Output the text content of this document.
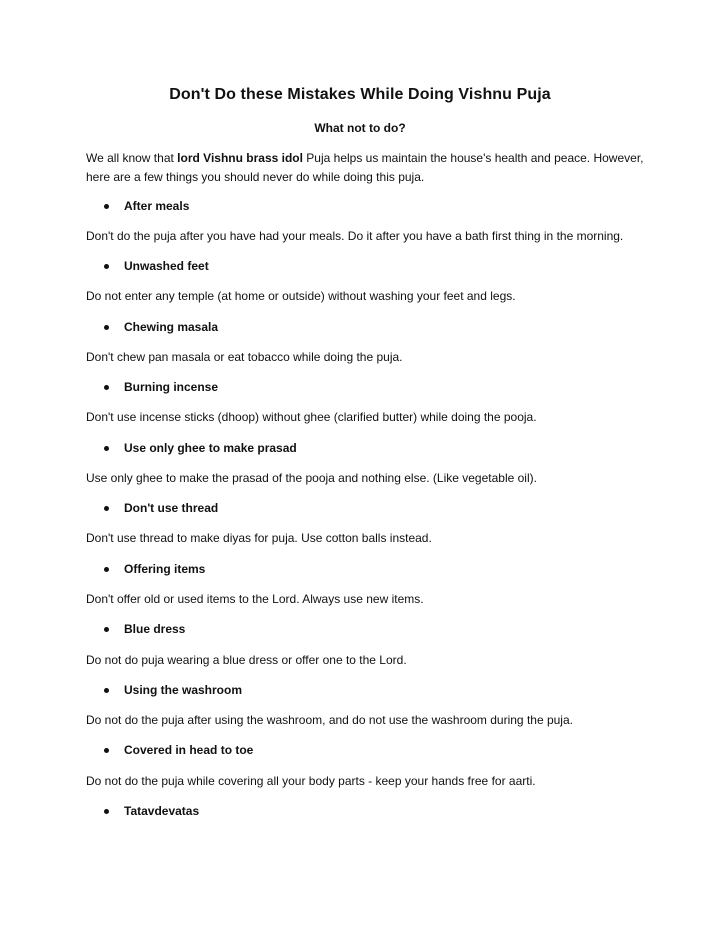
Don't Do these Mistakes While Doing Vishnu Puja
What not to do?
We all know that lord Vishnu brass idol Puja helps us maintain the house's health and peace. However, here are a few things you should never do while doing this puja.
After meals
Don't do the puja after you have had your meals. Do it after you have a bath first thing in the morning.
Unwashed feet
Do not enter any temple (at home or outside) without washing your feet and legs.
Chewing masala
Don't chew pan masala or eat tobacco while doing the puja.
Burning incense
Don't use incense sticks (dhoop) without ghee (clarified butter) while doing the pooja.
Use only ghee to make prasad
Use only ghee to make the prasad of the pooja and nothing else. (Like vegetable oil).
Don't use thread
Don't use thread to make diyas for puja. Use cotton balls instead.
Offering items
Don't offer old or used items to the Lord. Always use new items.
Blue dress
Do not do puja wearing a blue dress or offer one to the Lord.
Using the washroom
Do not do the puja after using the washroom, and do not use the washroom during the puja.
Covered in head to toe
Do not do the puja while covering all your body parts - keep your hands free for aarti.
Tatavdevatas
